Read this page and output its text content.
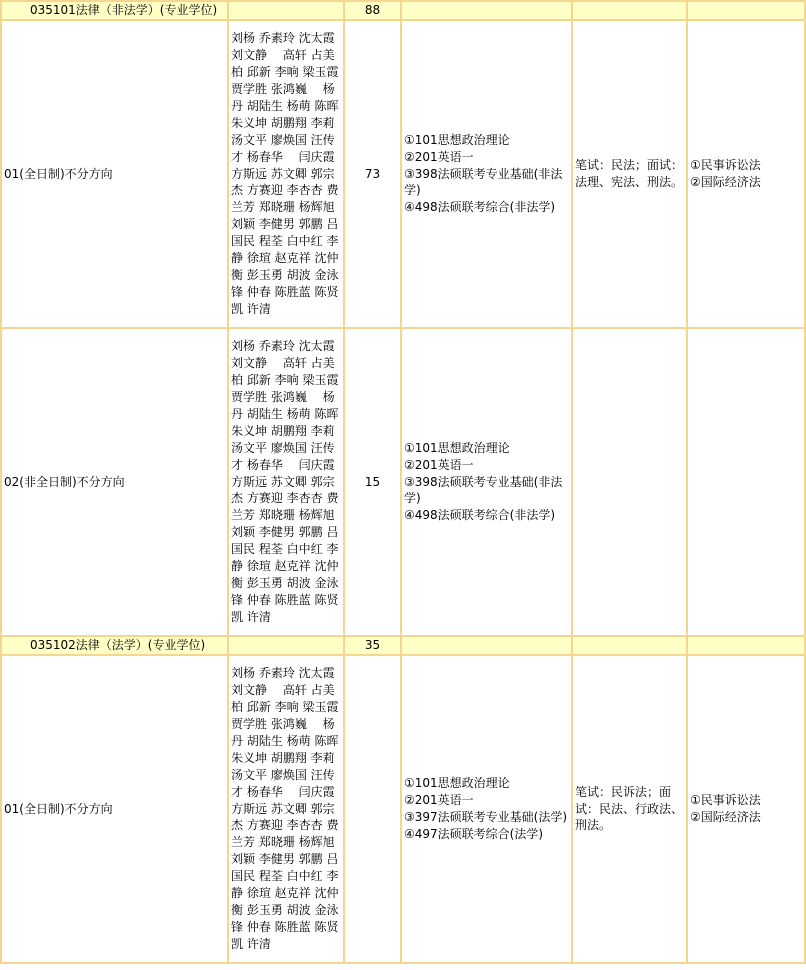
035101法律（非法学）(专业学位)		88			
01(全日制)不分方向	刘杨 乔素玲 沈太霞 刘文静　 高轩 占美柏 邱新 李响 梁玉霞 贾学胜 张鸿巍 　杨丹 胡陆生 杨萌 陈晖 朱义坤 胡鹏翔 李莉 汤文平 廖焕国 汪传才 杨春华 　闫庆霞 方斯远 苏文卿 郭宗杰 方赛迎 李杏杏 费兰芳 郑晓珊 杨辉旭 刘颖 李健男 郭鹏 吕国民 程荃 白中红 李静 徐瑄 赵克祥 沈仲衡 彭玉勇 胡波 金泳锋 仲春 陈胜蓝 陈贤凯 许清	73	①101思想政治理论
②201英语一
③398法硕联考专业基础(非法学)
④498法硕联考综合(非法学)	笔试：民法；面试：法理、宪法、刑法。	①民事诉讼法
②国际经济法

02(非全日制)不分方向	刘杨 乔素玲 沈太霞 刘文静　 高轩 占美柏 邱新 李响 梁玉霞 贾学胜 张鸿巍 　杨丹 胡陆生 杨萌 陈晖 朱义坤 胡鹏翔 李莉 汤文平 廖焕国 汪传才 杨春华 　闫庆霞 方斯远 苏文卿 郭宗杰 方赛迎 李杏杏 费兰芳 郑晓珊 杨辉旭 刘颖 李健男 郭鹏 吕国民 程荃 白中红 李静 徐瑄 赵克祥 沈仲衡 彭玉勇 胡波 金泳锋 仲春 陈胜蓝 陈贤凯 许清	15	①101思想政治理论
②201英语一
③398法硕联考专业基础(非法学)
④498法硕联考综合(非法学)		

035102法律（法学）(专业学位)		35			
01(全日制)不分方向	刘杨 乔素玲 沈太霞 刘文静　 高轩 占美柏 邱新 李响 梁玉霞 贾学胜 张鸿巍 　杨丹 胡陆生 杨萌 陈晖 朱义坤 胡鹏翔 李莉 汤文平 廖焕国 汪传才 杨春华 　闫庆霞 方斯远 苏文卿 郭宗杰 方赛迎 李杏杏 费兰芳 郑晓珊 杨辉旭 刘颖 李健男 郭鹏 吕国民 程荃 白中红 李静 徐瑄 赵克祥 沈仲衡 彭玉勇 胡波 金泳锋 仲春 陈胜蓝 陈贤凯 许清		①101思想政治理论
②201英语一
③397法硕联考专业基础(法学)
④497法硕联考综合(法学)	笔试：民诉法；面试：民法、行政法、刑法。	①民事诉讼法
②国际经济法
